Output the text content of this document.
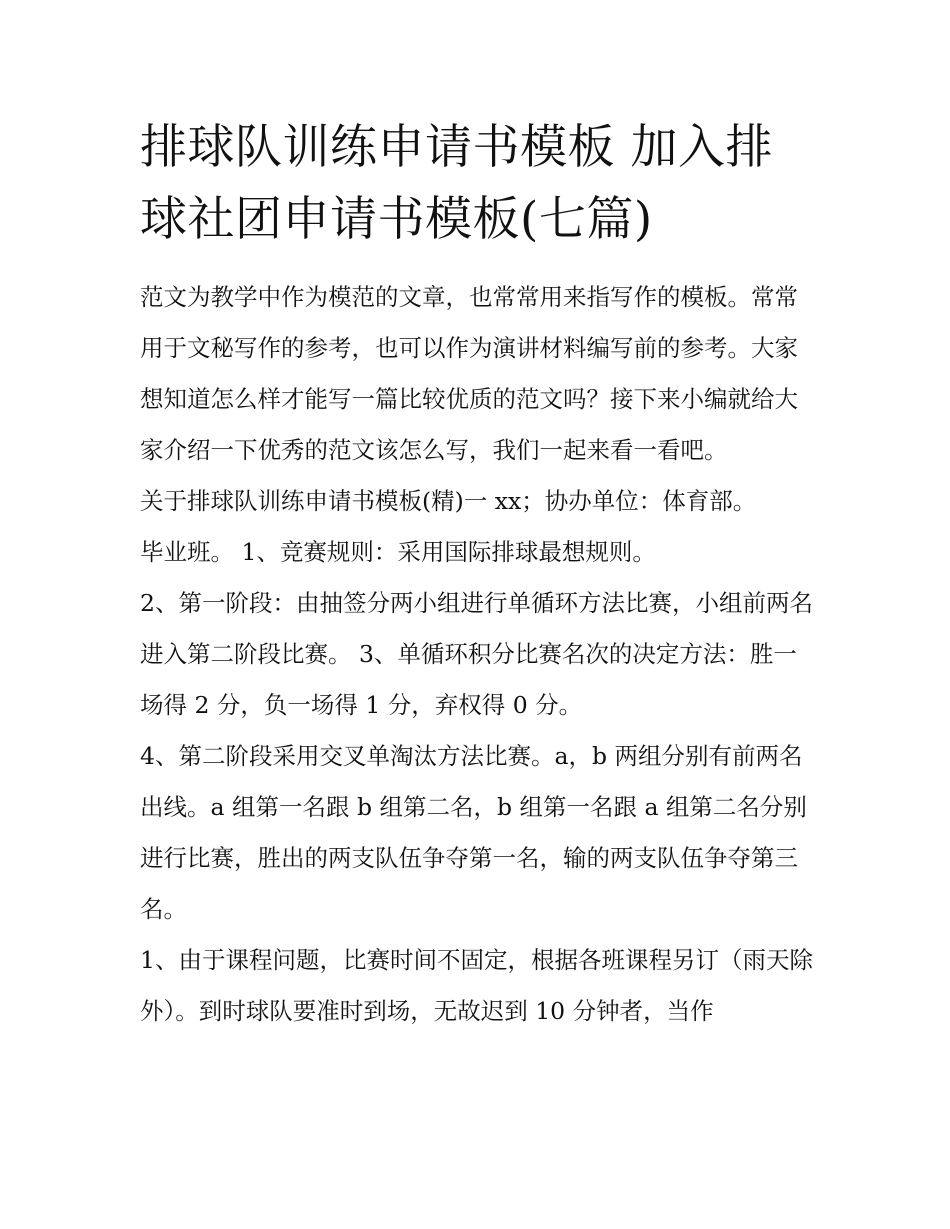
排球队训练申请书模板 加入排球社团申请书模板(七篇)

范文为教学中作为模范的文章，也常常用来指写作的模板。常常用于文秘写作的参考，也可以作为演讲材料编写前的参考。大家想知道怎么样才能写一篇比较优质的范文吗？接下来小编就给大家介绍一下优秀的范文该怎么写，我们一起来看一看吧。

关于排球队训练申请书模板(精)一 xx；协办单位：体育部。

毕业班。 1、竞赛规则：采用国际排球最想规则。

2、第一阶段：由抽签分两小组进行单循环方法比赛，小组前两名进入第二阶段比赛。 3、单循环积分比赛名次的决定方法：胜一场得 2 分，负一场得 1 分，弃权得 0 分。

4、第二阶段采用交叉单淘汰方法比赛。a，b 两组分别有前两名出线。a 组第一名跟 b 组第二名，b 组第一名跟 a 组第二名分别进行比赛，胜出的两支队伍争夺第一名，输的两支队伍争夺第三名。

1、由于课程问题，比赛时间不固定，根据各班课程另订（雨天除外）。到时球队要准时到场，无故迟到 10 分钟者，当作
